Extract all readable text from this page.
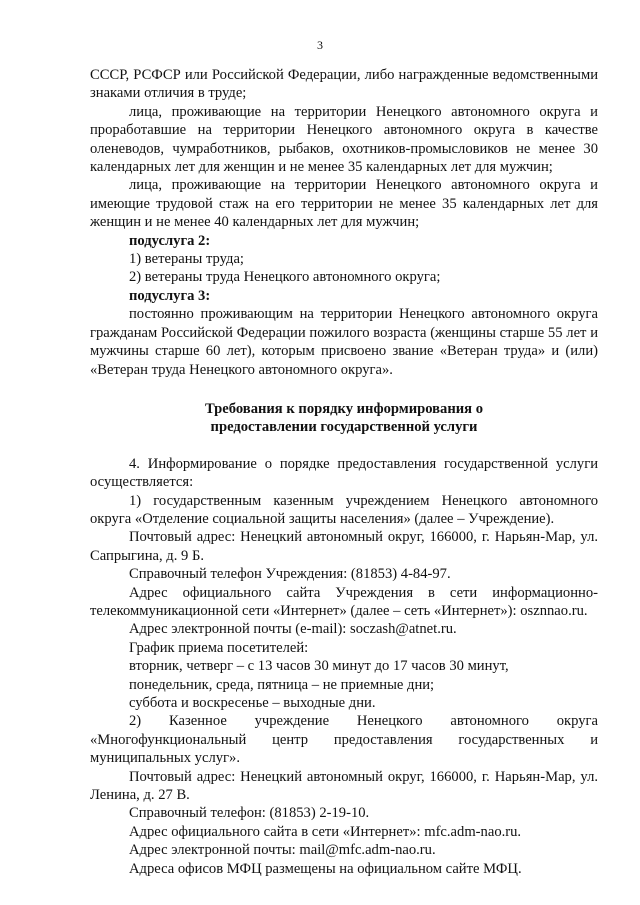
3

СССР, РСФСР или Российской Федерации, либо награжденные ведомственными знаками отличия в труде;

лица, проживающие на территории Ненецкого автономного округа и проработавшие на территории Ненецкого автономного округа в качестве оленеводов, чумработников, рыбаков, охотников-промысловиков не менее 30 календарных лет для женщин и не менее 35 календарных лет для мужчин;

лица, проживающие на территории Ненецкого автономного округа и имеющие трудовой стаж на его территории не менее 35 календарных лет для женщин и не менее 40 календарных лет для мужчин;

подуслуга 2:

1) ветераны труда;

2) ветераны труда Ненецкого автономного округа;

подуслуга 3:

постоянно проживающим на территории Ненецкого автономного округа гражданам Российской Федерации пожилого возраста (женщины старше 55 лет и мужчины старше 60 лет), которым присвоено звание «Ветеран труда» и (или) «Ветеран труда Ненецкого автономного округа».

Требования к порядку информирования о
предоставлении государственной услуги

4. Информирование о порядке предоставления государственной услуги осуществляется:

1) государственным казенным учреждением Ненецкого автономного округа «Отделение социальной защиты населения» (далее – Учреждение).

Почтовый адрес: Ненецкий автономный округ, 166000, г. Нарьян-Мар, ул. Сапрыгина, д. 9 Б.

Справочный телефон Учреждения: (81853) 4-84-97.

Адрес официального сайта Учреждения в сети информационно-телекоммуникационной сети «Интернет» (далее – сеть «Интернет»): osznnao.ru.

Адрес электронной почты (e-mail): soczash@atnet.ru.

График приема посетителей:

вторник, четверг – с 13 часов 30 минут до 17 часов 30 минут,

понедельник, среда, пятница – не приемные дни;

суббота и воскресенье – выходные дни.

2) Казенное учреждение Ненецкого автономного округа «Многофункциональный центр предоставления государственных и муниципальных услуг».

Почтовый адрес: Ненецкий автономный округ, 166000, г. Нарьян-Мар, ул. Ленина, д. 27 В.

Справочный телефон: (81853) 2-19-10.

Адрес официального сайта в сети «Интернет»: mfc.adm-nao.ru.

Адрес электронной почты: mail@mfc.adm-nao.ru.

Адреса офисов МФЦ размещены на официальном сайте МФЦ.
